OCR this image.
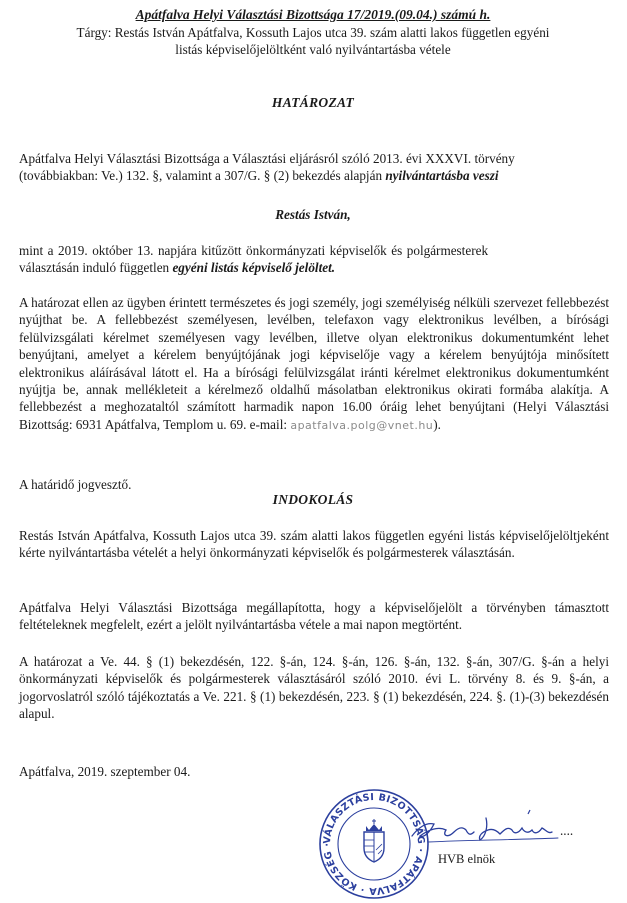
Apátfalva Helyi Választási Bizottsága 17/2019.(09.04.) számú h.

Tárgy: Restás István Apátfalva, Kossuth Lajos utca 39. szám alatti lakos független egyéni

listás képviselőjelöltként való nyilvántartásba vétele

HATÁROZAT

Apátfalva Helyi Választási Bizottsága a Választási eljárásról szóló 2013. évi XXXVI. törvény

(továbbiakban: Ve.) 132. §, valamint a 307/G. § (2) bekezdés alapján nyilvántartásba veszi

Restás István,

mint a 2019. október 13. napjára kitűzött önkormányzati képviselők és polgármesterek

választásán induló független egyéni listás képviselő jelöltet.

A határozat ellen az ügyben érintett természetes és jogi személy, jogi személyiség nélküli szervezet fellebbezést nyújthat be. A fellebbezést személyesen, levélben, telefaxon vagy elektronikus levélben, a bírósági felülvizsgálati kérelmet személyesen vagy levélben, illetve olyan elektronikus dokumentumként lehet benyújtani, amelyet a kérelem benyújtójának jogi képviselője vagy a kérelem benyújtója minősített elektronikus aláírásával látott el. Ha a bírósági felülvizsgálat iránti kérelmet elektronikus dokumentumként nyújtja be, annak mellékleteit a kérelmező oldalhű másolatban elektronikus okirati formába alakítja. A fellebbezést a meghozataltól számított harmadik napon 16.00 óráig lehet benyújtani (Helyi Választási Bizottság: 6931 Apátfalva, Templom u. 69. e-mail: apatfalva.polg@vnet.hu).

A határidő jogvesztő.

INDOKOLÁS

Restás István Apátfalva, Kossuth Lajos utca 39. szám alatti lakos független egyéni listás képviselőjelöltjeként kérte nyilvántartásba vételét a helyi önkormányzati képviselők és polgármesterek választásán.

Apátfalva Helyi Választási Bizottsága megállapította, hogy a képviselőjelölt a törvényben támasztott feltételeknek megfelelt, ezért a jelölt nyilvántartásba vétele a mai napon megtörtént.

A határozat a Ve. 44. § (1) bekezdésén, 122. §-án, 124. §-án, 126. §-án, 132. §-án, 307/G. §-án a helyi önkormányzati képviselők és polgármesterek választásáról szóló 2010. évi L. törvény 8. és 9. §-án, a jogorvoslatról szóló tájékoztatás a Ve. 221. § (1) bekezdésén, 223. § (1) bekezdésén, 224. §. (1)-(3) bekezdésén alapul.

Apátfalva, 2019. szeptember 04.

VÁLASZTÁSI BIZOTTSÁG · APÁTFALVA · KÖZSÉG ·

....

HVB elnök
